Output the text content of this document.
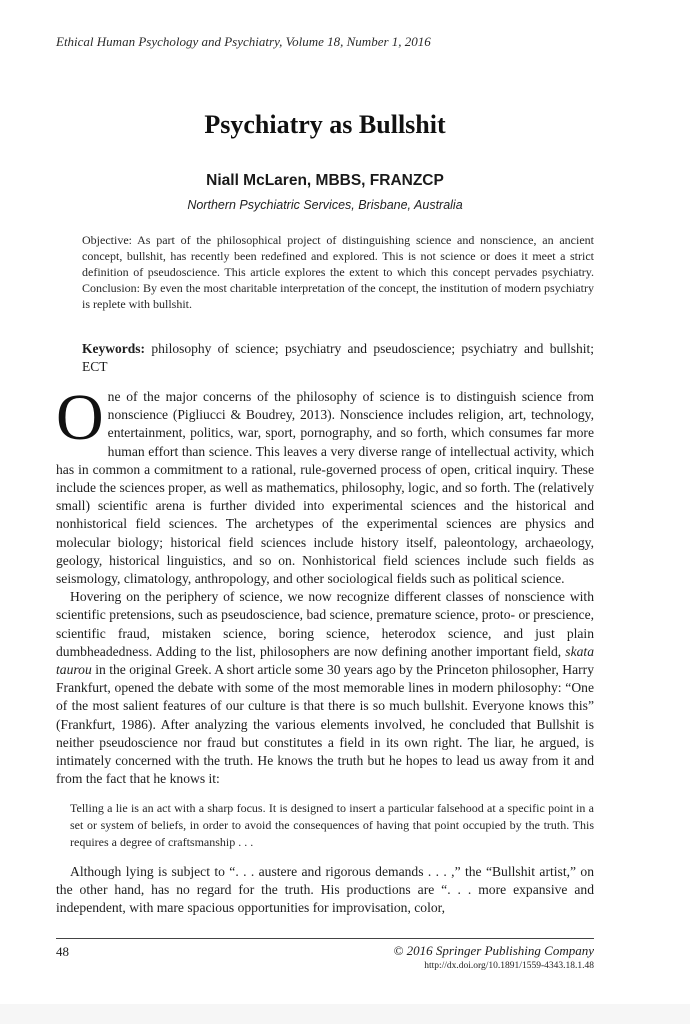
Ethical Human Psychology and Psychiatry, Volume 18, Number 1, 2016
Psychiatry as Bullshit
Niall McLaren, MBBS, FRANZCP
Northern Psychiatric Services, Brisbane, Australia
Objective: As part of the philosophical project of distinguishing science and nonscience, an ancient concept, bullshit, has recently been redefined and explored. This is not science or does it meet a strict definition of pseudoscience. This article explores the extent to which this concept pervades psychiatry. Conclusion: By even the most charitable interpretation of the concept, the institution of modern psychiatry is replete with bullshit.
Keywords: philosophy of science; psychiatry and pseudoscience; psychiatry and bullshit; ECT

One of the major concerns of the philosophy of science is to distinguish science from nonscience (Pigliucci & Boudrey, 2013). Nonscience includes religion, art, technology, entertainment, politics, war, sport, pornography, and so forth, which consumes far more human effort than science. This leaves a very diverse range of intellectual activity, which has in common a commitment to a rational, rule-governed process of open, critical inquiry. These include the sciences proper, as well as mathematics, philosophy, logic, and so forth. The (relatively small) scientific arena is further divided into experimental sciences and the historical and nonhistorical field sciences. The archetypes of the experimental sciences are physics and molecular biology; historical field sciences include history itself, paleontology, archaeology, geology, historical linguistics, and so on. Nonhistorical field sciences include such fields as seismology, climatology, anthropology, and other sociological fields such as political science.

Hovering on the periphery of science, we now recognize different classes of nonscience with scientific pretensions, such as pseudoscience, bad science, premature science, proto- or prescience, scientific fraud, mistaken science, boring science, heterodox science, and just plain dumbheadedness. Adding to the list, philosophers are now defining another important field, skata taurou in the original Greek. A short article some 30 years ago by the Princeton philosopher, Harry Frankfurt, opened the debate with some of the most memorable lines in modern philosophy: “One of the most salient features of our culture is that there is so much bullshit. Everyone knows this” (Frankfurt, 1986). After analyzing the various elements involved, he concluded that Bullshit is neither pseudoscience nor fraud but constitutes a field in its own right. The liar, he argued, is intimately concerned with the truth. He knows the truth but he hopes to lead us away from it and from the fact that he knows it:

Telling a lie is an act with a sharp focus. It is designed to insert a particular falsehood at a specific point in a set or system of beliefs, in order to avoid the consequences of having that point occupied by the truth. This requires a degree of craftsmanship . . .

Although lying is subject to “. . . austere and rigorous demands . . . ,” the “Bullshit artist,” on the other hand, has no regard for the truth. His productions are “. . . more expansive and independent, with mare spacious opportunities for improvisation, color,

48	© 2016 Springer Publishing Company
http://dx.doi.org/10.1891/1559-4343.18.1.48
